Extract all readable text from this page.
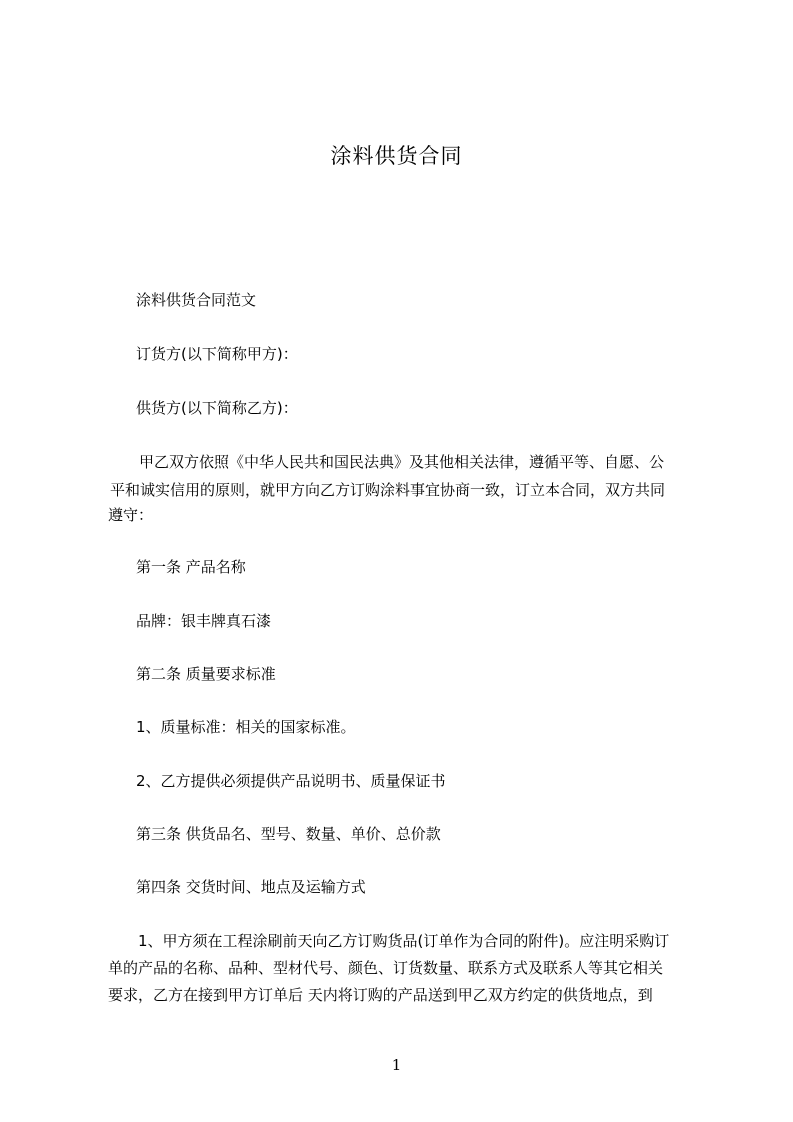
涂料供货合同
涂料供货合同范文
订货方(以下简称甲方)：
供货方(以下简称乙方)：
甲乙双方依照《中华人民共和国民法典》及其他相关法律，遵循平等、自愿、公
平和诚实信用的原则，就甲方向乙方订购涂料事宜协商一致，订立本合同，双方共同
遵守：
第一条 产品名称
品牌：银丰牌真石漆
第二条 质量要求标准
1、质量标准：相关的国家标准。
2、乙方提供必须提供产品说明书、质量保证书
第三条 供货品名、型号、数量、单价、总价款
第四条 交货时间、地点及运输方式
1、甲方须在工程涂刷前天向乙方订购货品(订单作为合同的附件)。应注明采购订
单的产品的名称、品种、型材代号、颜色、订货数量、联系方式及联系人等其它相关
要求，乙方在接到甲方订单后 天内将订购的产品送到甲乙双方约定的供货地点，到
1
